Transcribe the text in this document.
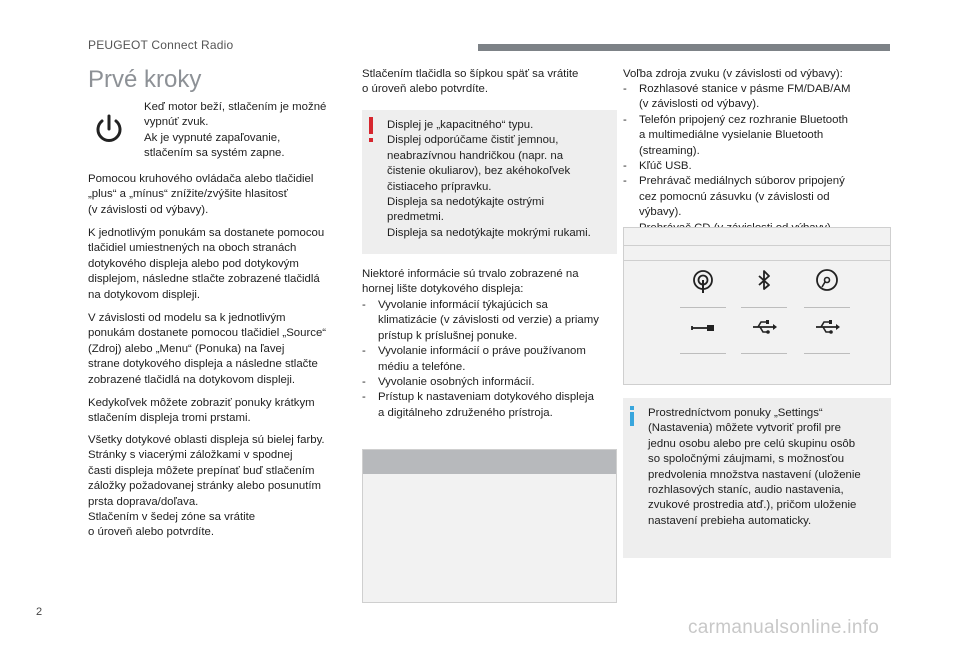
PEUGEOT Connect Radio
Prvé kroky

Keď motor beží, stlačením je možné

vypnúť zvuk.

Ak je vypnuté zapaľovanie,

stlačením sa systém zapne.

Pomocou kruhového ovládača alebo tlačidiel

„plus“ a „mínus“ znížite/zvýšite hlasitosť

(v závislosti od výbavy).

K jednotlivým ponukám sa dostanete pomocou

tlačidiel umiestnených na oboch stranách

dotykového displeja alebo pod dotykovým

displejom, následne stlačte zobrazené tlačidlá

na dotykovom displeji.

V závislosti od modelu sa k jednotlivým

ponukám dostanete pomocou tlačidiel „Source“

(Zdroj) alebo „Menu“ (Ponuka) na ľavej

strane dotykového displeja a následne stlačte

zobrazené tlačidlá na dotykovom displeji.

Kedykoľvek môžete zobraziť ponuky krátkym

stlačením displeja tromi prstami.

Všetky dotykové oblasti displeja sú bielej farby.

Stránky s viacerými záložkami v spodnej

časti displeja môžete prepínať buď stlačením

záložky požadovanej stránky alebo posunutím

prsta doprava/doľava.

Stlačením v šedej zóne sa vrátite

o úroveň alebo potvrdíte.

Stlačením tlačidla so šípkou späť sa vrátite

o úroveň alebo potvrdíte.

Displej je „kapacitného“ typu.

Displej odporúčame čistiť jemnou,

neabrazívnou handričkou (napr. na

čistenie okuliarov), bez akéhokoľvek

čistiaceho prípravku.

Displeja sa nedotýkajte ostrými

predmetmi.

Displeja sa nedotýkajte mokrými rukami.

Niektoré informácie sú trvalo zobrazené na

hornej lište dotykového displeja:

- Vyvolanie informácií týkajúcich sa
klimatizácie (v závislosti od verzie) a priamy
prístup k príslušnej ponuke.
- Vyvolanie informácií o práve používanom
médiu a telefóne.
- Vyvolanie osobných informácií.
- Prístup k nastaveniam dotykového displeja
a digitálneho združeného prístroja.

Voľba zdroja zvuku (v závislosti od výbavy):

- Rozhlasové stanice v pásme FM/DAB/AM
(v závislosti od výbavy).
- Telefón pripojený cez rozhranie Bluetooth
a multimediálne vysielanie Bluetooth
(streaming).
- Kľúč USB.
- Prehrávač mediálnych súborov pripojený
cez pomocnú zásuvku (v závislosti od
výbavy).
-

Prostredníctvom ponuky „Settings“

(Nastavenia) môžete vytvoriť profil pre

jednu osobu alebo pre celú skupinu osôb

so spoločnými záujmami, s možnosťou

predvolenia množstva nastavení (uloženie

rozhlasových staníc, audio nastavenia,

zvukové prostredia atď.), pričom uloženie

nastavení prebieha automaticky.

2
carmanualsonline.info
